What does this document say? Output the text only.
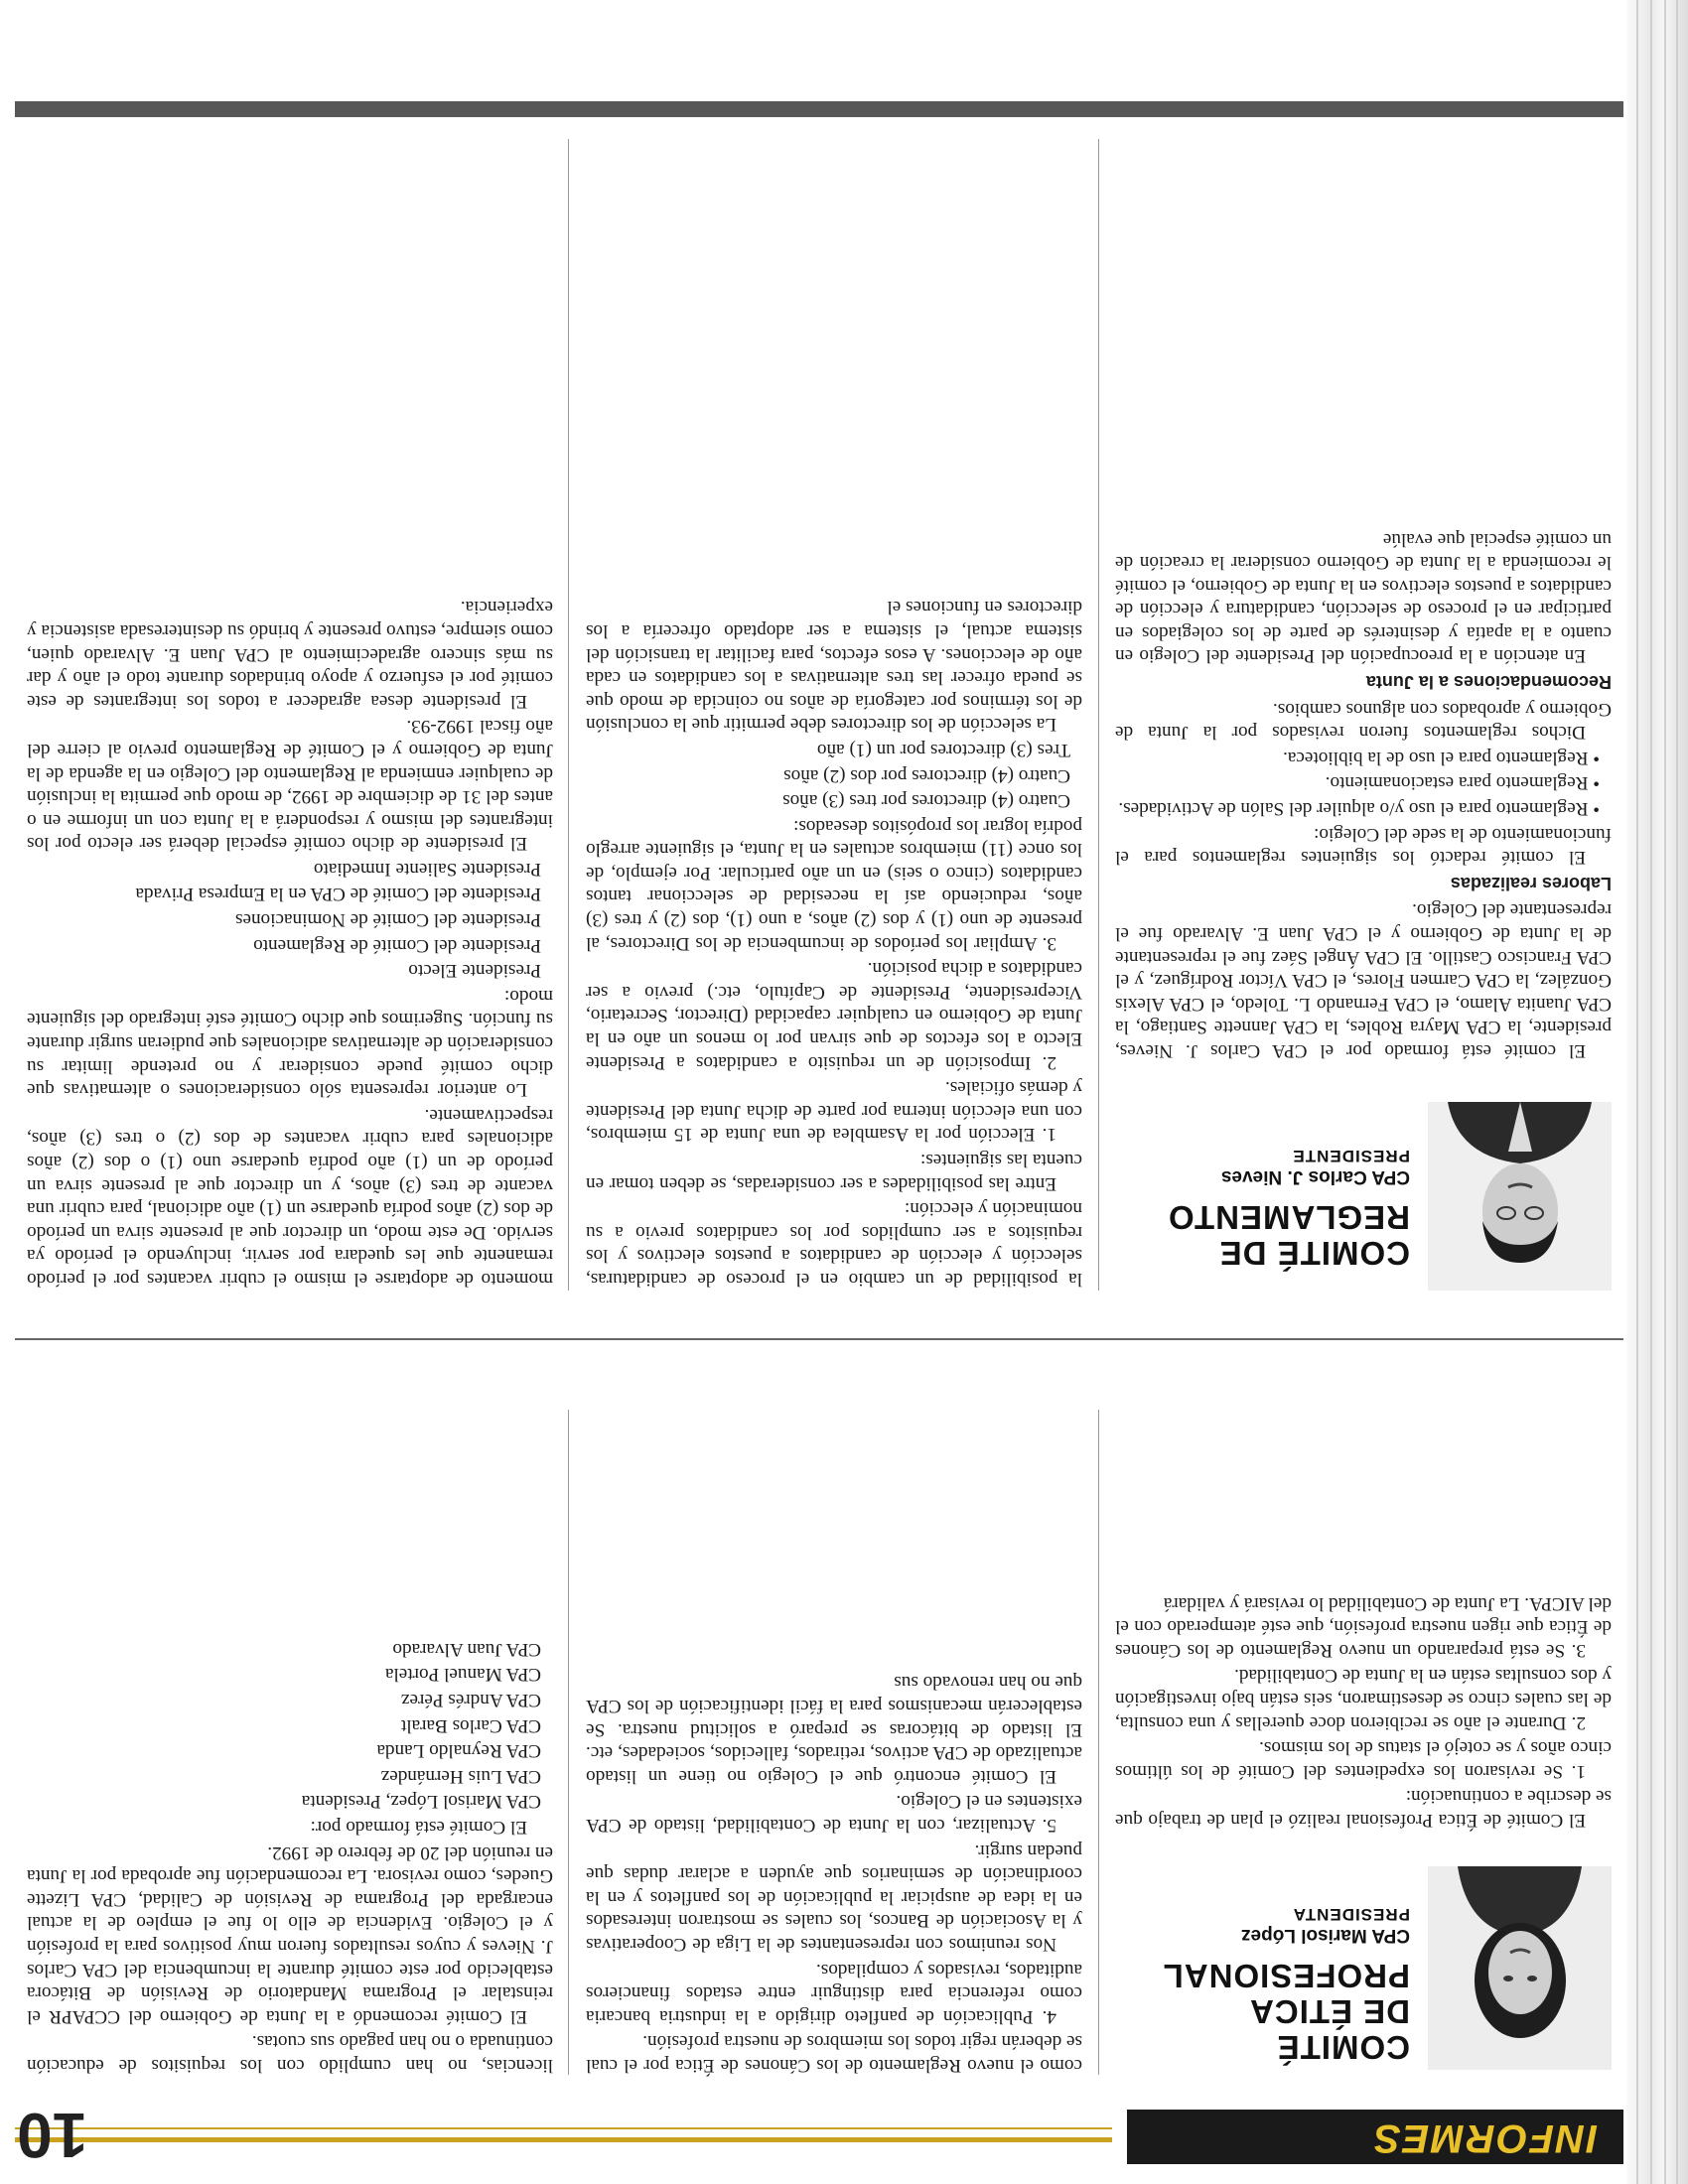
INFORMES
10
COMITÉ
DE ÉTICA
PROFESIONAL
CPA Marisol López
PRESIDENTA

El Comité de Ética Profesional realizó el plan de trabajo que se describe a continuación:

1. Se revisaron los expedientes del Comité de los últimos cinco años y se cotejó el status de los mismos.

2. Durante el año se recibieron doce querellas y una consulta, de las cuales cinco se desestimaron, seis están bajo investigación y dos consultas están en la Junta de Contabilidad.

3. Se está preparando un nuevo Reglamento de los Cánones de Ética que rigen nuestra profesión, que esté atemperado con el del AICPA. La Junta de Contabilidad lo revisará y validará

como el nuevo Reglamento de los Cánones de Ética por el cual se deberán regir todos los miembros de nuestra profesión.

4. Publicación de panfleto dirigido a la industria bancaria como referencia para distinguir entre estados financieros auditados, revisados y compilados.

Nos reunimos con representantes de la Liga de Cooperativas y la Asociación de Bancos, los cuales se mostraron interesados en la idea de auspiciar la publicación de los panfletos y en la coordinación de seminarios que ayuden a aclarar dudas que puedan surgir.

5. Actualizar, con la Junta de Contabilidad, listado de CPA existentes en el Colegio.

El Comité encontró que el Colegio no tiene un listado actualizado de CPA activos, retirados, fallecidos, sociedades, etc. El listado de bitácoras se preparó a solicitud nuestra. Se establecerán mecanismos para la fácil identificación de los CPA que no han renovado sus

licencias, no han cumplido con los requisitos de educación continuada o no han pagado sus cuotas.

El Comité recomendó a la Junta de Gobierno del CCPAPR el reinstalar el Programa Mandatorio de Revisión de Bitácora establecido por este comité durante la incumbencia del CPA Carlos J. Nieves y cuyos resultados fueron muy positivos para la profesión y el Colegio. Evidencia de ello lo fue el empleo de la actual encargada del Programa de Revisión de Calidad, CPA Lizette Guedes, como revisora. La recomendación fue aprobada por la Junta en reunión del 20 de febrero de 1992.

El Comité está formado por:

CPA Marisol López, Presidenta

CPA Luis Hernández

CPA Reynaldo Landa

CPA Carlos Baralt

CPA Andrés Pérez

CPA Manuel Portela

CPA Juan Alvarado

COMITÉ DE
REGLAMENTO
CPA Carlos J. Nieves
PRESIDENTE

El comité está formado por el CPA Carlos J. Nieves, presidente, la CPA Mayra Robles, la CPA Jannette Santiago, la CPA Juanita Alamo, el CPA Fernando L. Toledo, el CPA Alexis González, la CPA Carmen Flores, el CPA Víctor Rodríguez, y el CPA Francisco Castillo. El CPA Ángel Sáez fue el representante de la Junta de Gobierno y el CPA Juan E. Alvarado fue el representante del Colegio.

Labores realizadas

El comité redactó los siguientes reglamentos para el funcionamiento de la sede del Colegio:

• Reglamento para el uso y/o alquiler del Salón de Actividades.

• Reglamento para estacionamiento.

• Reglamento para el uso de la biblioteca.

Dichos reglamentos fueron revisados por la Junta de Gobierno y aprobados con algunos cambios.

Recomendaciones a la Junta

En atención a la preocupación del Presidente del Colegio en cuanto a la apatía y desinterés de parte de los colegiados en participar en el proceso de selección, candidatura y elección de candidatos a puestos electivos en la Junta de Gobierno, el comité le recomienda a la Junta de Gobierno considerar la creación de un comité especial que evalúe

la posibilidad de un cambio en el proceso de candidaturas, selección y elección de candidatos a puestos electivos y los requisitos a ser cumplidos por los candidatos previo a su nominación y elección:

Entre las posibilidades a ser consideradas, se deben tomar en cuenta las siguientes:

1. Elección por la Asamblea de una Junta de 15 miembros, con una elección interna por parte de dicha Junta del Presidente y demás oficiales.

2. Imposición de un requisito a candidatos a Presidente Electo a los efectos de que sirvan por lo menos un año en la Junta de Gobierno en cualquier capacidad (Director, Secretario, Vicepresidente, Presidente de Capítulo, etc.) previo a ser candidatos a dicha posición.

3. Ampliar los períodos de incumbencia de los Directores, al presente de uno (1) y dos (2) años, a uno (1), dos (2) y tres (3) años, reduciendo así la necesidad de seleccionar tantos candidatos (cinco o seis) en un año particular. Por ejemplo, de los once (11) miembros actuales en la Junta, el siguiente arreglo podría lograr los propósitos deseados:

Cuatro (4) directores por tres (3) años

Cuatro (4) directores por dos (2) años

Tres (3) directores por un (1) año

La selección de los directores debe permitir que la conclusión de los términos por categoría de años no coincida de modo que se pueda ofrecer las tres alternativas a los candidatos en cada año de elecciones. A esos efectos, para facilitar la transición del sistema actual, el sistema a ser adoptado ofrecería a los directores en funciones el

momento de adoptarse el mismo el cubrir vacantes por el período remanente que les quedara por servir, incluyendo el período ya servido. De este modo, un director que al presente sirva un período de dos (2) años podría quedarse un (1) año adicional, para cubrir una vacante de tres (3) años, y un director que al presente sirva un período de un (1) año podría quedarse uno (1) o dos (2) años adicionales para cubrir vacantes de dos (2) o tres (3) años, respectivamente.

Lo anterior representa sólo consideraciones o alternativas que dicho comité puede considerar y no pretende limitar su consideración de alternativas adicionales que pudieran surgir durante su función. Sugerimos que dicho Comité esté integrado del siguiente modo:

Presidente Electo

Presidente del Comité de Reglamento

Presidente del Comité de Nominaciones

Presidente del Comité de CPA en la Empresa Privada

Presidente Saliente Inmediato

El presidente de dicho comité especial deberá ser electo por los integrantes del mismo y responderá a la Junta con un informe en o antes del 31 de diciembre de 1992, de modo que permita la inclusión de cualquier enmienda al Reglamento del Colegio en la agenda de la Junta de Gobierno y el Comité de Reglamento previo al cierre del año fiscal 1992-93.

El presidente desea agradecer a todos los integrantes de este comité por el esfuerzo y apoyo brindados durante todo el año y dar su más sincero agradecimiento al CPA Juan E. Alvarado quien, como siempre, estuvo presente y brindó su desinteresada asistencia y experiencia.
